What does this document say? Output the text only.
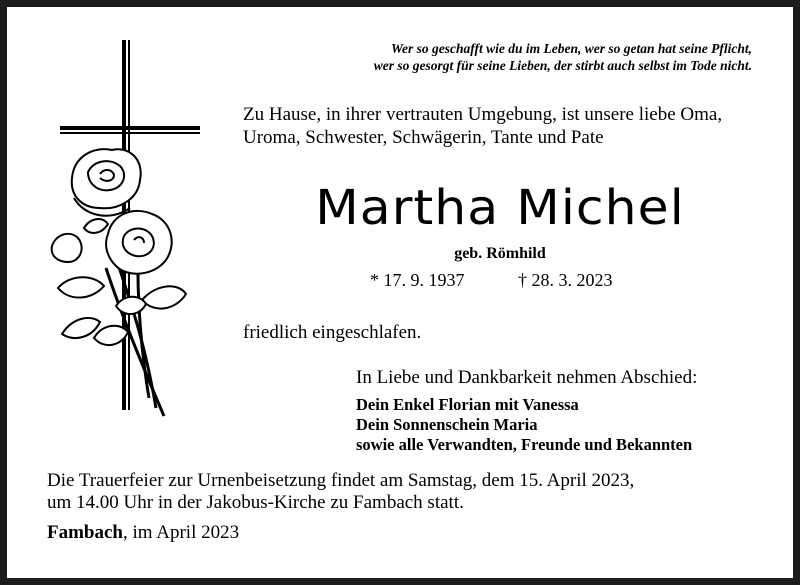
Wer so geschafft wie du im Leben, wer so getan hat seine Pflicht,
wer so gesorgt für seine Lieben, der stirbt auch selbst im Tode nicht.
Zu Hause, in ihrer vertrauten Umgebung, ist unsere liebe Oma,
Uroma, Schwester, Schwägerin, Tante und Pate
Martha Michel
geb. Römhild
* 17. 9. 1937	† 28. 3. 2023
friedlich eingeschlafen.
In Liebe und Dankbarkeit nehmen Abschied:
Dein Enkel Florian mit Vanessa
Dein Sonnenschein Maria
sowie alle Verwandten, Freunde und Bekannten
Die Trauerfeier zur Urnenbeisetzung findet am Samstag, dem 15. April 2023,
um 14.00 Uhr in der Jakobus-Kirche zu Fambach statt.
Fambach, im April 2023
